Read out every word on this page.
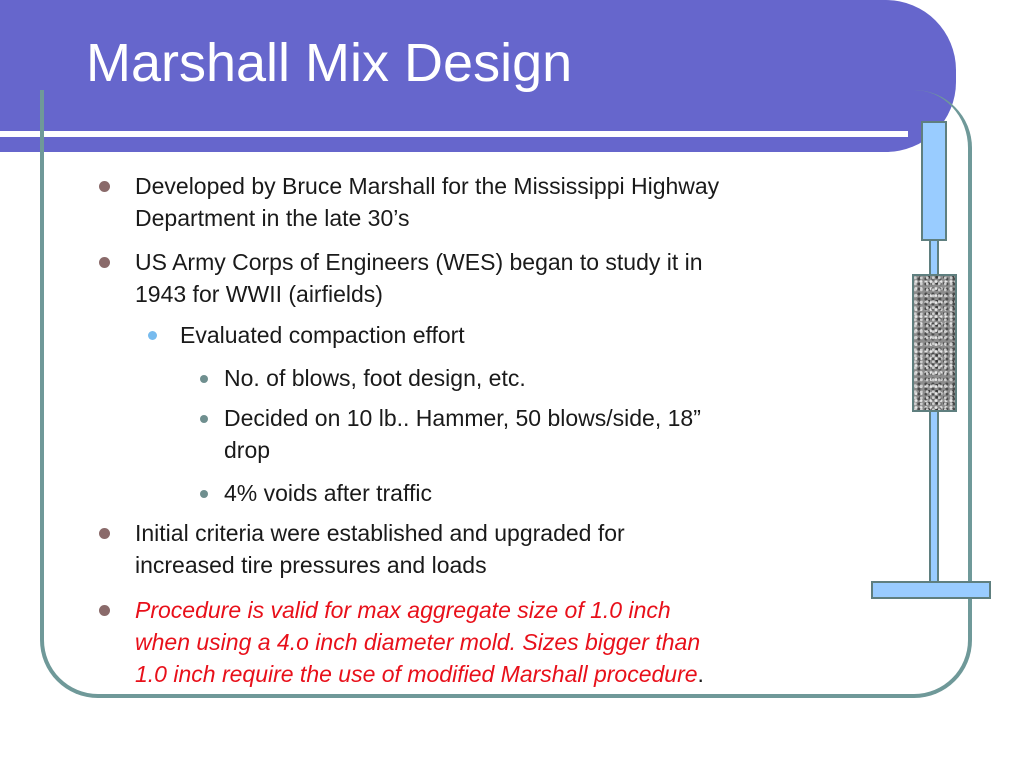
Marshall Mix Design
Developed by Bruce Marshall for the Mississippi Highway
Department in the late 30’s
US Army Corps of Engineers (WES) began to study it in
1943 for WWII (airfields)
Evaluated compaction effort
No. of blows, foot design, etc.
Decided on 10 lb.. Hammer, 50 blows/side, 18”
drop
4% voids after traffic
Initial criteria were established and upgraded for
increased tire pressures and loads
Procedure is valid for max aggregate size of 1.0 inch
when using a 4.o inch diameter mold. Sizes bigger than
1.0 inch require the use of modified Marshall procedure.
